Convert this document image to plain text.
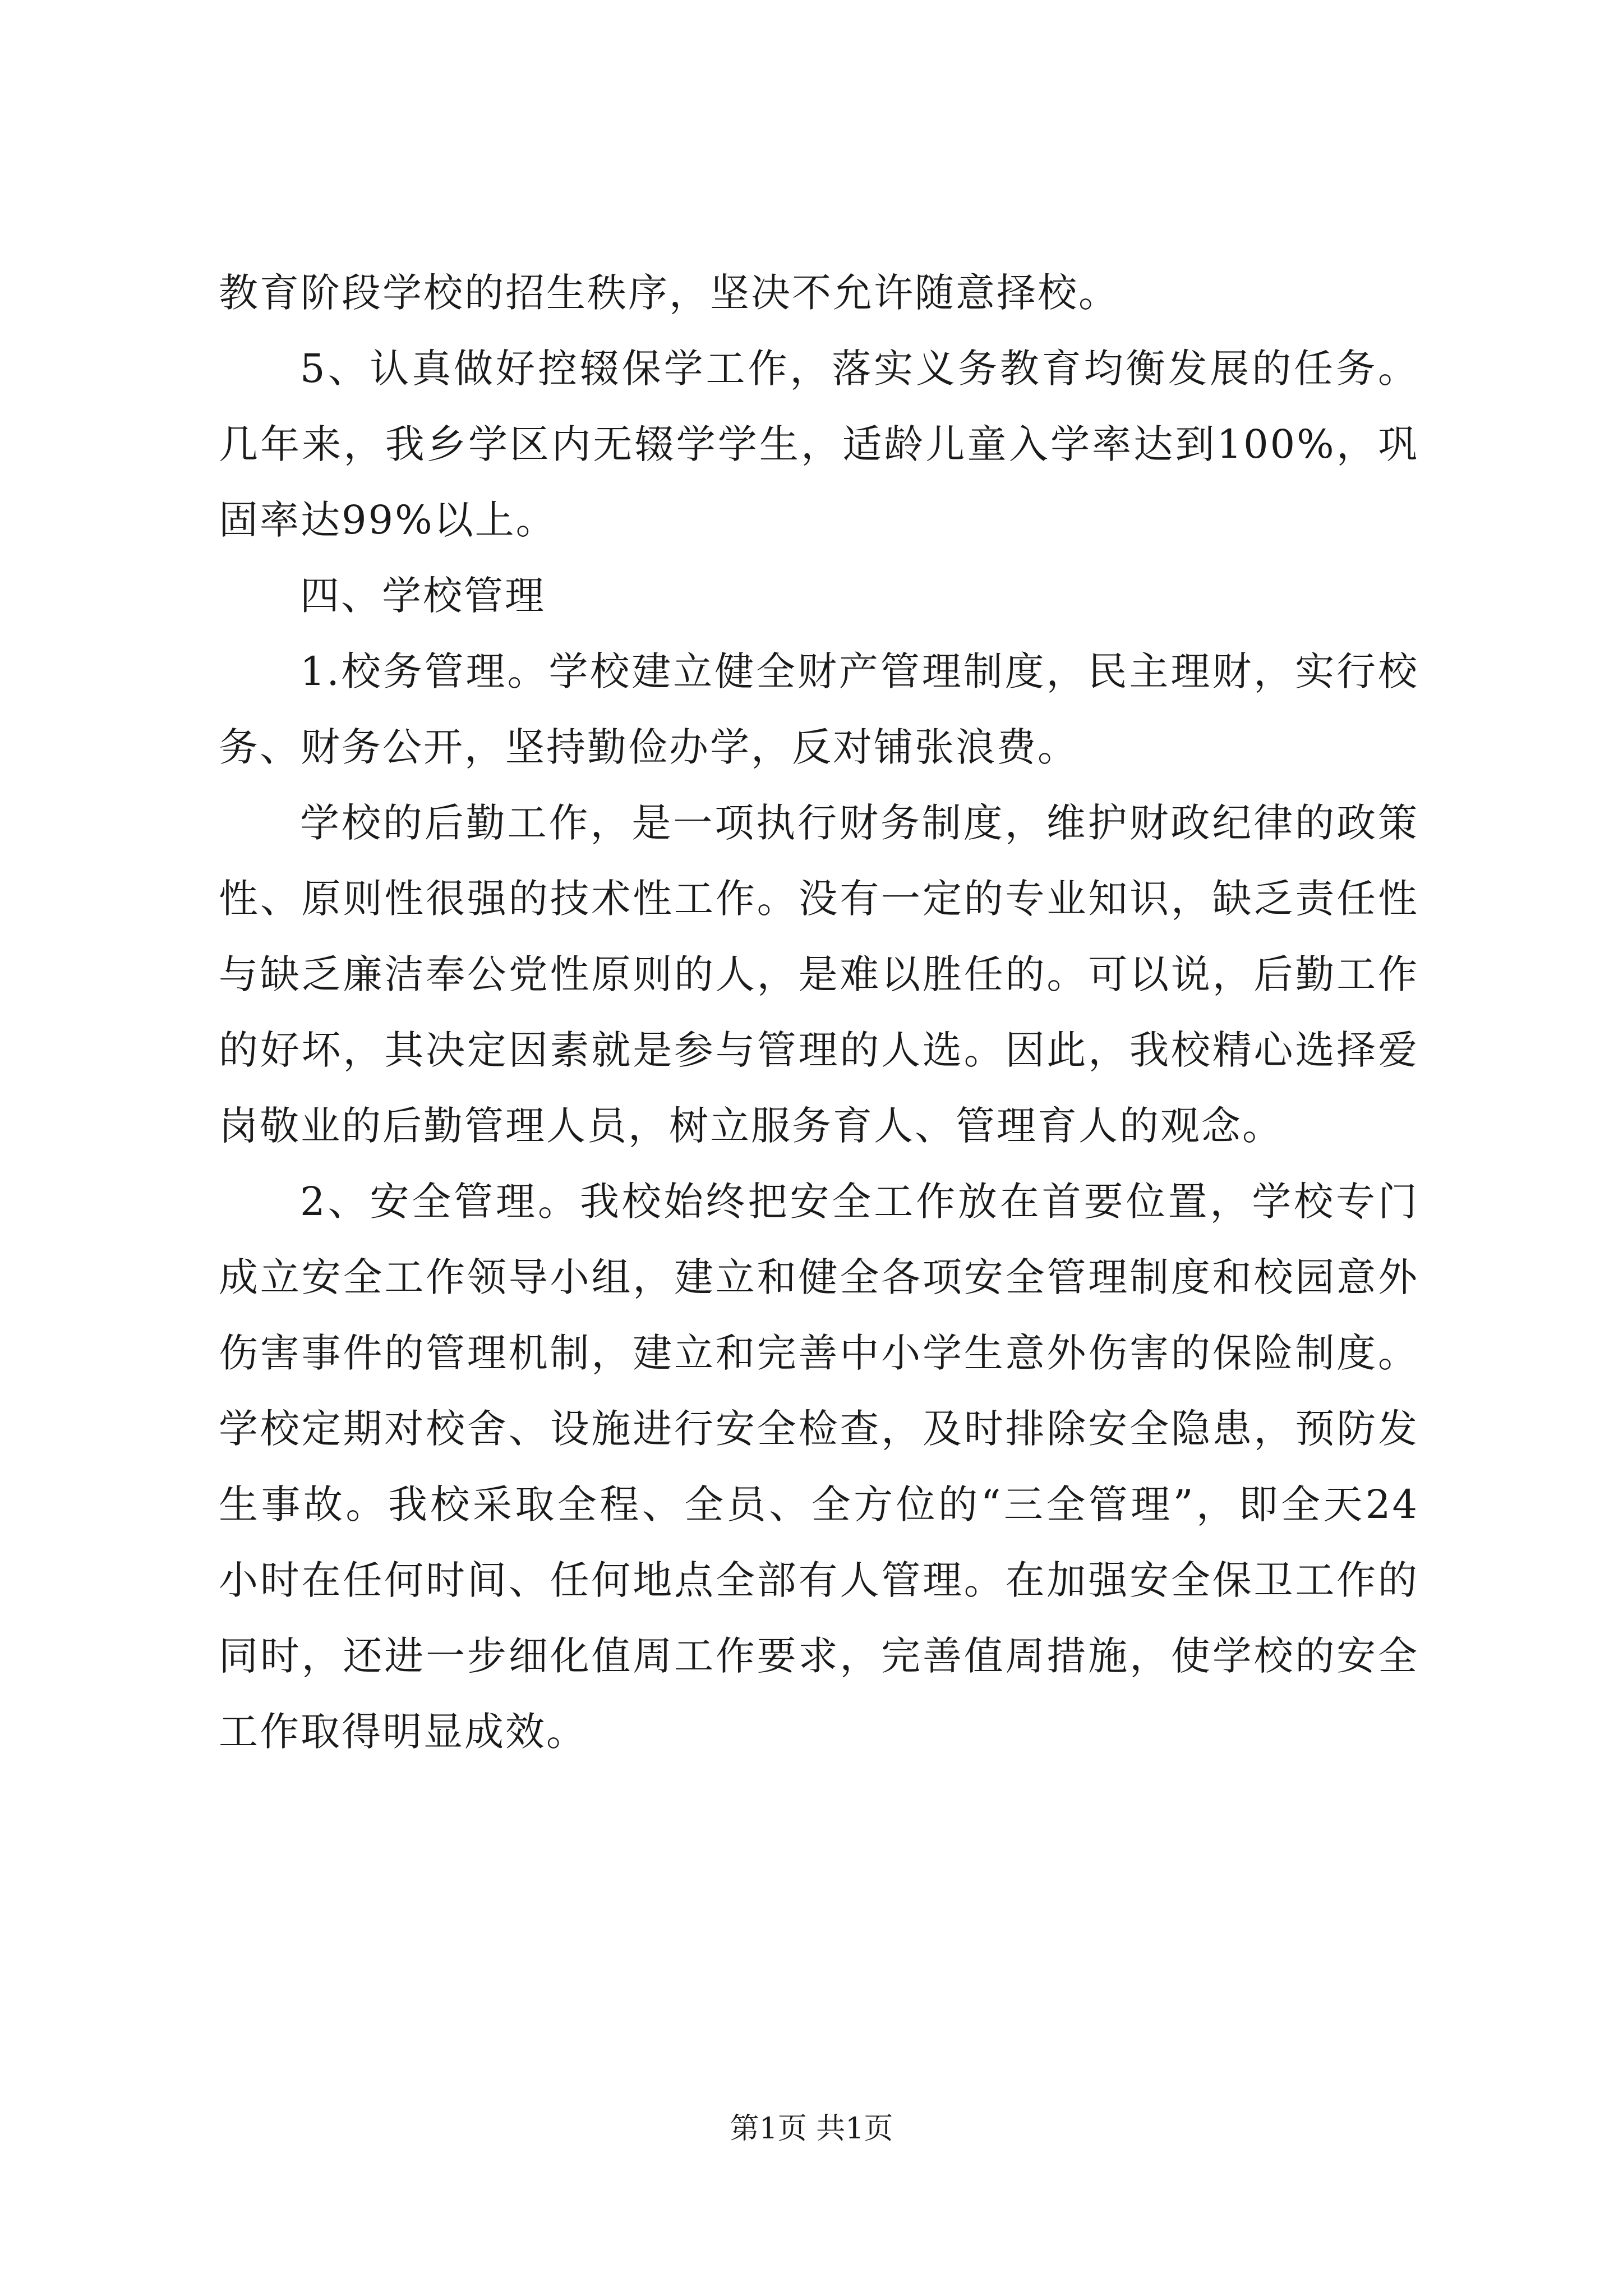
教育阶段学校的招生秩序，坚决不允许随意择校。

5、认真做好控辍保学工作，落实义务教育均衡发展的任务。几年来，我乡学区内无辍学学生，适龄儿童入学率达到100%，巩固率达99%以上。

四、学校管理

1.校务管理。学校建立健全财产管理制度，民主理财，实行校务、财务公开，坚持勤俭办学，反对铺张浪费。

学校的后勤工作，是一项执行财务制度，维护财政纪律的政策性、原则性很强的技术性工作。没有一定的专业知识，缺乏责任性与缺乏廉洁奉公党性原则的人，是难以胜任的。可以说，后勤工作的好坏，其决定因素就是参与管理的人选。因此，我校精心选择爱岗敬业的后勤管理人员，树立服务育人、管理育人的观念。

2、安全管理。我校始终把安全工作放在首要位置，学校专门成立安全工作领导小组，建立和健全各项安全管理制度和校园意外伤害事件的管理机制，建立和完善中小学生意外伤害的保险制度。学校定期对校舍、设施进行安全检查，及时排除安全隐患，预防发生事故。我校采取全程、全员、全方位的“三全管理”，即全天24小时在任何时间、任何地点全部有人管理。在加强安全保卫工作的同时，还进一步细化值周工作要求，完善值周措施，使学校的安全工作取得明显成效。

第1页 共1页
